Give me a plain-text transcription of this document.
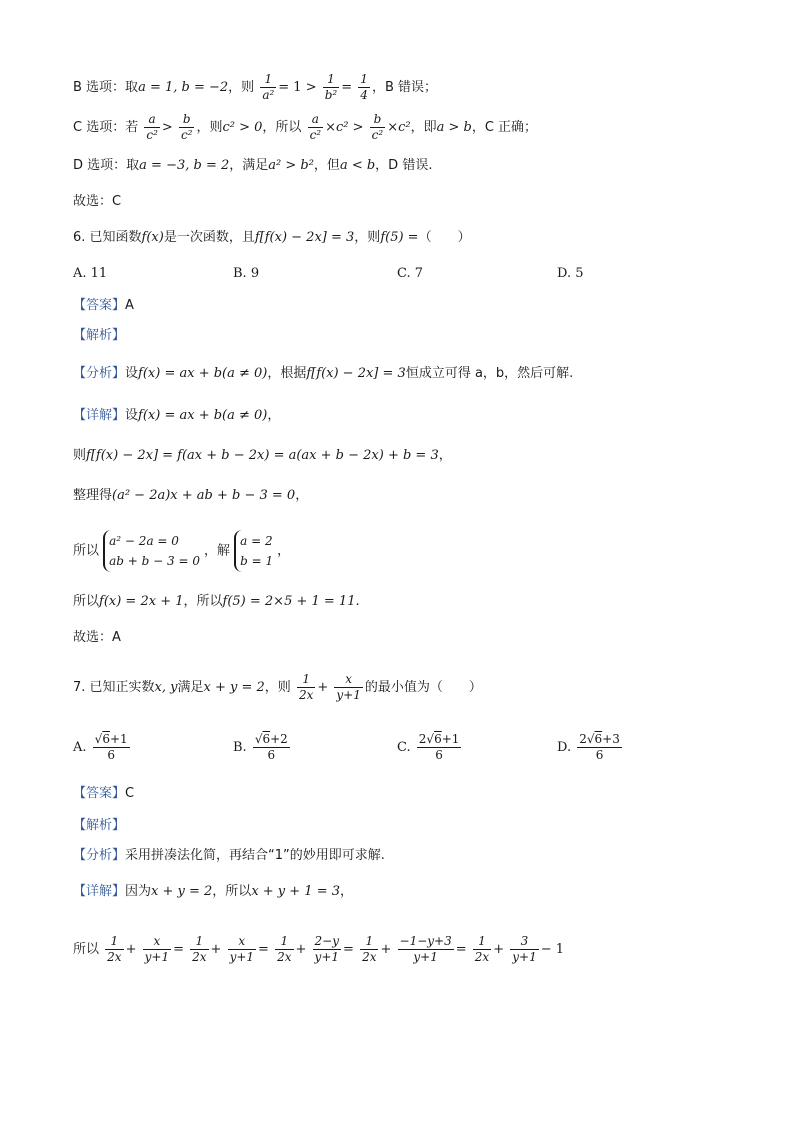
B 选项：取a = 1, b = −2，则 $\frac{1}{\text{a²}} = 1 > \frac{1}{\text{b²}} = \frac{1}{4}$ ，B 错误；
C 选项：若 $\frac{a}{\text{c²}} > \frac{b}{\text{c²}}$ ，则c² > 0，所以 $\frac{a}{\text{c²}} \times c^2 > \frac{b}{\text{c²}} \times c^2$，即a > b，C 正确；
D 选项：取a = −3, b = 2，满足a² > b²，但a < b，D 错误.
故选：C
6. 已知函数f(x)是一次函数，且f[f(x) − 2x] = 3，则f(5) =（　　）
A. 11	B. 9	C. 7	D. 5
【答案】A
【解析】
【分析】设f(x) = ax + b(a ≠ 0)，根据f[f(x) − 2x] = 3恒成立可得 a，b，然后可解.
【详解】设f(x) = ax + b(a ≠ 0)，
则f[f(x) − 2x] = f(ax + b − 2x) = a(ax + b − 2x) + b = 3，
整理得(a² − 2a)x + ab + b − 3 = 0，
所以
a² − 2a = 0
ab + b − 3 = 0
，解
a = 2
b = 1
，
所以f(x) = 2x + 1，所以f(5) = 2×5 + 1 = 11.
故选：A
7. 已知正实数x, y满足x + y = 2，则 $\frac{1}{2x} + \frac{x}{y+1}$ 的最小值为（　　）
A. $\frac{√6+1}{6}$	B. $\frac{√6+2}{6}$	C. $\frac{2√6+1}{6}$	D. $\frac{2√6+3}{6}$
【答案】C
【解析】
【分析】采用拼凑法化简，再结合“1”的妙用即可求解.
【详解】因为x + y = 2，所以x + y + 1 = 3，
所以 $\frac{1}{2x} + \frac{x}{y+1} = \frac{1}{2x} + \frac{x}{y+1} = \frac{1}{2x} + \frac{2-y}{y+1} = \frac{1}{2x} + \frac{-1-y+3}{y+1} = \frac{1}{2x} + \frac{3}{y+1} - 1$
